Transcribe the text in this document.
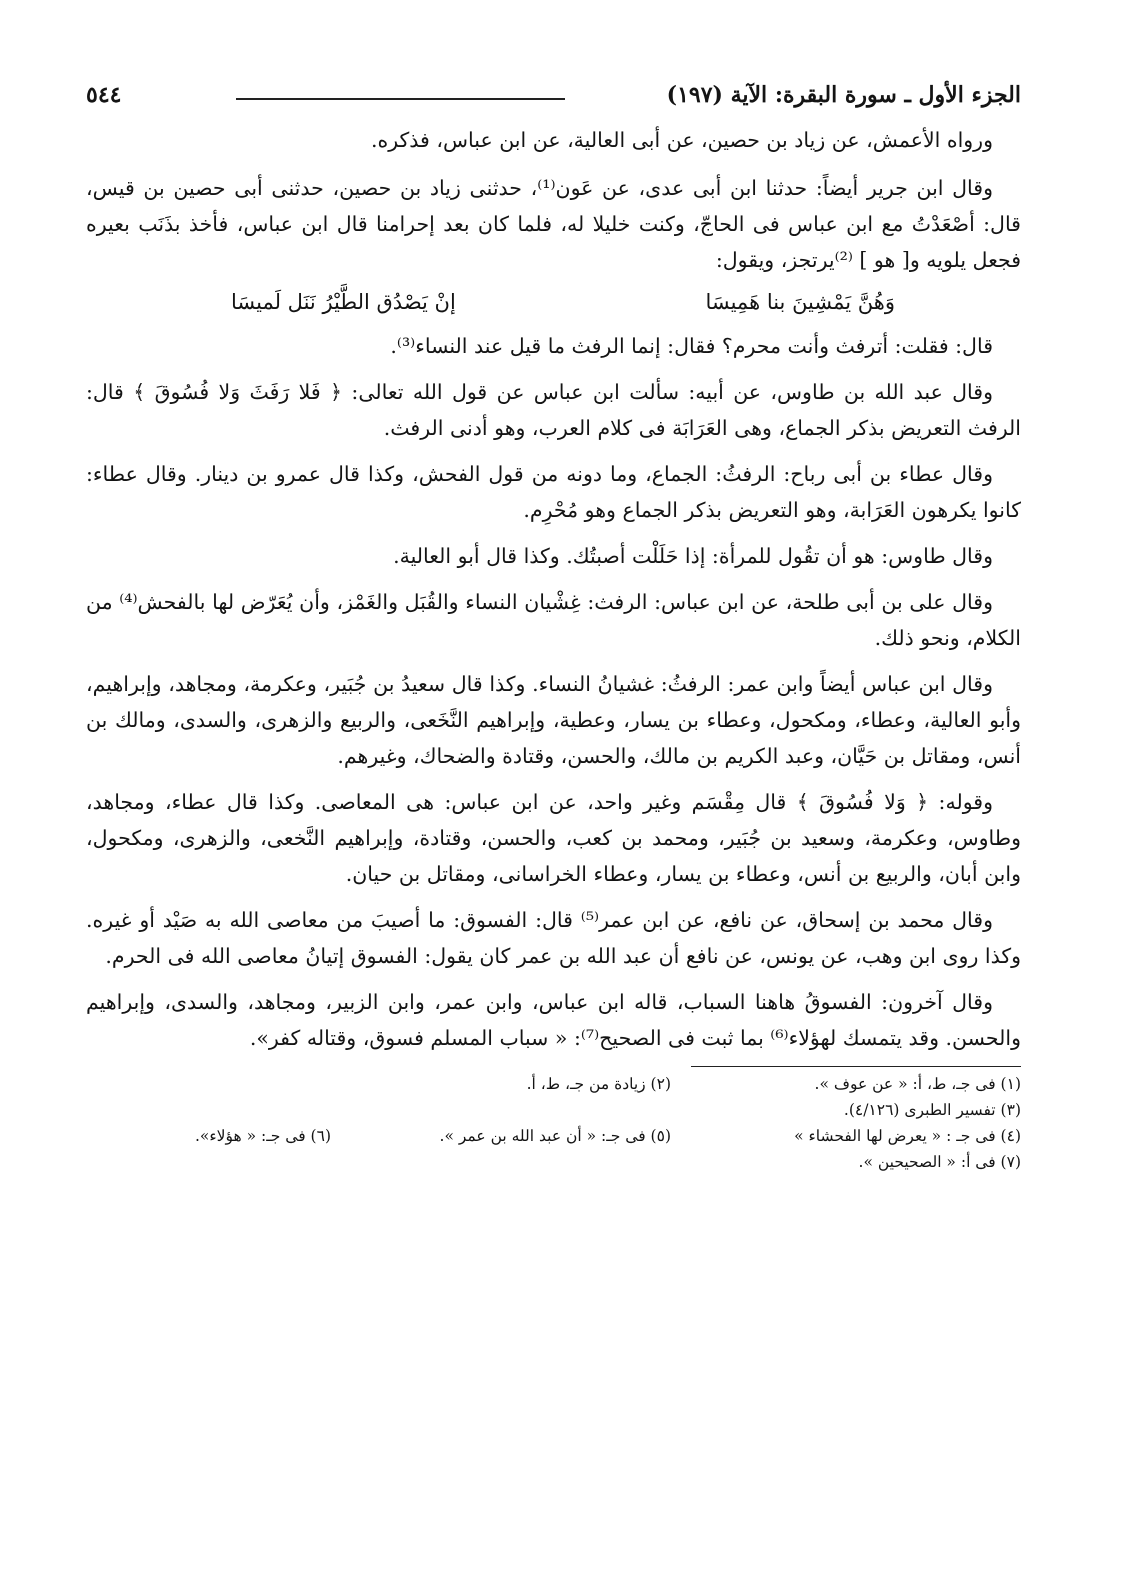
الجزء الأول ـ سورة البقرة: الآية (١٩٧)
٥٤٤

ورواه الأعمش، عن زياد بن حصين، عن أبى العالية، عن ابن عباس، فذكره.

وقال ابن جرير أيضاً: حدثنا ابن أبى عدى، عن عَون⁽¹⁾، حدثنى زياد بن حصين، حدثنى أبى حصين بن قيس، قال: أصْعَدْتُ مع ابن عباس فى الحاجّ، وكنت خليلا له، فلما كان بعد إحرامنا قال ابن عباس، فأخذ بذَنَب بعيره فجعل يلويه و[ هو ] ⁽²⁾يرتجز، ويقول:

وَهُنَّ يَمْشِينَ بنا هَمِيسَا
إنْ يَصْدُق الطَّيْرُ نَنَل لَميسَا

قال: فقلت: أترفث وأنت محرم؟ فقال: إنما الرفث ما قيل عند النساء⁽³⁾.

وقال عبد الله بن طاوس، عن أبيه: سألت ابن عباس عن قول الله تعالى: ﴿ فَلا رَفَثَ وَلا فُسُوقَ ﴾ قال: الرفث التعريض بذكر الجماع، وهى العَرَابَة فى كلام العرب، وهو أدنى الرفث.

وقال عطاء بن أبى رباح: الرفثُ: الجماع، وما دونه من قول الفحش، وكذا قال عمرو بن دينار. وقال عطاء: كانوا يكرهون العَرَابة، وهو التعريض بذكر الجماع وهو مُحْرِم.

وقال طاوس: هو أن تقُول للمرأة: إذا حَلَلْت أصبتُك. وكذا قال أبو العالية.

وقال على بن أبى طلحة، عن ابن عباس: الرفث: غِشْيان النساء والقُبَل والغَمْز، وأن يُعَرّض لها بالفحش⁽⁴⁾ من الكلام، ونحو ذلك.

وقال ابن عباس أيضاً وابن عمر: الرفثُ: غشيانُ النساء. وكذا قال سعيدُ بن جُبَير، وعكرمة، ومجاهد، وإبراهيم، وأبو العالية، وعطاء، ومكحول، وعطاء بن يسار، وعطية، وإبراهيم النَّخَعى، والربيع والزهرى، والسدى، ومالك بن أنس، ومقاتل بن حَيَّان، وعبد الكريم بن مالك، والحسن، وقتادة والضحاك، وغيرهم.

وقوله: ﴿ وَلا فُسُوقَ ﴾ قال مِقْسَم وغير واحد، عن ابن عباس: هى المعاصى. وكذا قال عطاء، ومجاهد، وطاوس، وعكرمة، وسعيد بن جُبَير، ومحمد بن كعب، والحسن، وقتادة، وإبراهيم النَّخعى، والزهرى، ومكحول، وابن أبان، والربيع بن أنس، وعطاء بن يسار، وعطاء الخراسانى، ومقاتل بن حيان.

وقال محمد بن إسحاق، عن نافع، عن ابن عمر⁽⁵⁾ قال: الفسوق: ما أصيبَ من معاصى الله به صَيْد أو غيره. وكذا روى ابن وهب، عن يونس، عن نافع أن عبد الله بن عمر كان يقول: الفسوق إتيانُ معاصى الله فى الحرم.

وقال آخرون: الفسوقُ هاهنا السباب، قاله ابن عباس، وابن عمر، وابن الزبير، ومجاهد، والسدى، وإبراهيم والحسن. وقد يتمسك لهؤلاء⁽⁶⁾ بما ثبت فى الصحيح⁽⁷⁾: « سباب المسلم فسوق، وقتاله كفر».

(١) فى جـ، ط، أ: « عن عوف ».
(٢) زيادة من جـ، ط، أ.
(٣) تفسير الطبرى (٤/١٢٦).
(٤) فى جـ : « يعرض لها الفحشاء »
(٥) فى جـ: « أن عبد الله بن عمر ».
(٦) فى جـ: « هؤلاء».
(٧) فى أ: « الصحيحين ».
